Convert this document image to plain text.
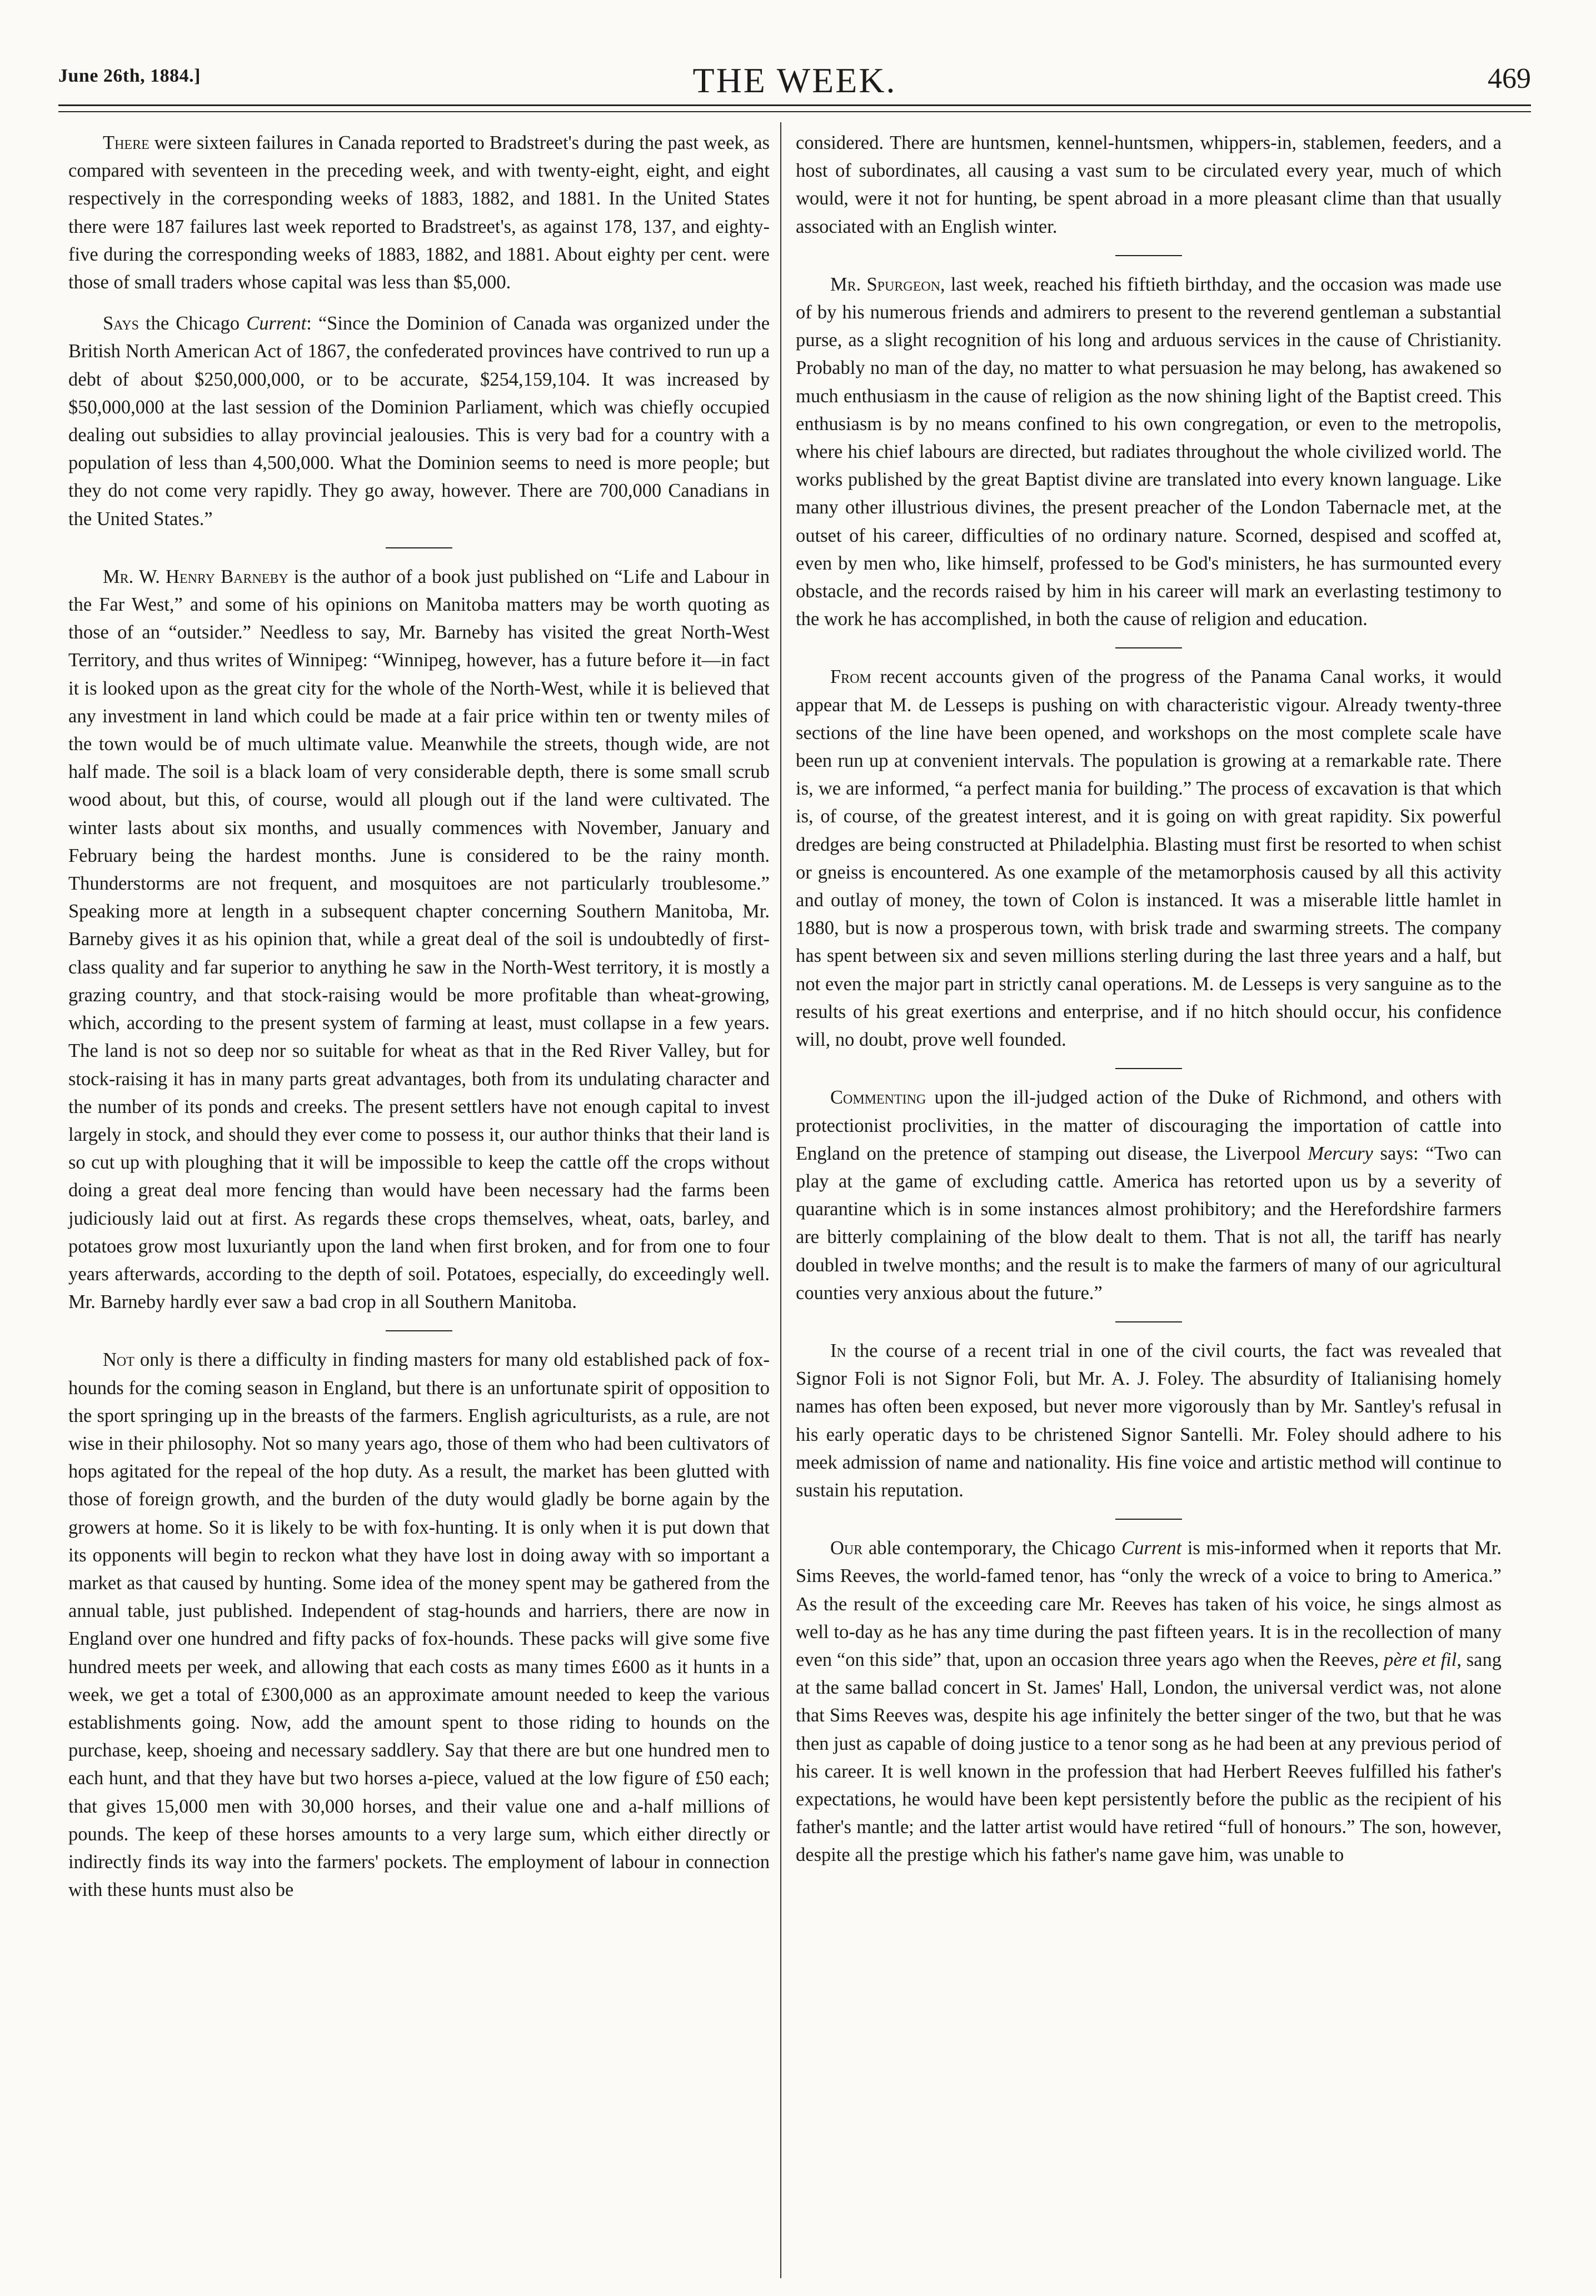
June 26th, 1884.]	THE WEEK.	469

There were sixteen failures in Canada reported to Bradstreet's during the past week, as compared with seventeen in the preceding week, and with twenty-eight, eight, and eight respectively in the corresponding weeks of 1883, 1882, and 1881. In the United States there were 187 failures last week reported to Bradstreet's, as against 178, 137, and eighty-five during the corresponding weeks of 1883, 1882, and 1881. About eighty per cent. were those of small traders whose capital was less than $5,000.

Says the Chicago Current: “Since the Dominion of Canada was organized under the British North American Act of 1867, the confederated provinces have contrived to run up a debt of about $250,000,000, or to be accurate, $254,159,104. It was increased by $50,000,000 at the last session of the Dominion Parliament, which was chiefly occupied dealing out subsidies to allay provincial jealousies. This is very bad for a country with a population of less than 4,500,000. What the Dominion seems to need is more people; but they do not come very rapidly. They go away, however. There are 700,000 Canadians in the United States.”

Mr. W. Henry Barneby is the author of a book just published on “Life and Labour in the Far West,” and some of his opinions on Manitoba matters may be worth quoting as those of an “outsider.” Needless to say, Mr. Barneby has visited the great North-West Territory, and thus writes of Winnipeg: “Winnipeg, however, has a future before it—in fact it is looked upon as the great city for the whole of the North-West, while it is believed that any investment in land which could be made at a fair price within ten or twenty miles of the town would be of much ultimate value. Meanwhile the streets, though wide, are not half made. The soil is a black loam of very considerable depth, there is some small scrub wood about, but this, of course, would all plough out if the land were cultivated. The winter lasts about six months, and usually commences with November, January and February being the hardest months. June is considered to be the rainy month. Thunderstorms are not frequent, and mosquitoes are not particularly troublesome.” Speaking more at length in a subsequent chapter concerning Southern Manitoba, Mr. Barneby gives it as his opinion that, while a great deal of the soil is undoubtedly of first-class quality and far superior to anything he saw in the North-West territory, it is mostly a grazing country, and that stock-raising would be more profitable than wheat-growing, which, according to the present system of farming at least, must collapse in a few years. The land is not so deep nor so suitable for wheat as that in the Red River Valley, but for stock-raising it has in many parts great advantages, both from its undulating character and the number of its ponds and creeks. The present settlers have not enough capital to invest largely in stock, and should they ever come to possess it, our author thinks that their land is so cut up with ploughing that it will be impossible to keep the cattle off the crops without doing a great deal more fencing than would have been necessary had the farms been judiciously laid out at first. As regards these crops themselves, wheat, oats, barley, and potatoes grow most luxuriantly upon the land when first broken, and for from one to four years afterwards, according to the depth of soil. Potatoes, especially, do exceedingly well. Mr. Barneby hardly ever saw a bad crop in all Southern Manitoba.

Not only is there a difficulty in finding masters for many old established pack of fox-hounds for the coming season in England, but there is an unfortunate spirit of opposition to the sport springing up in the breasts of the farmers. English agriculturists, as a rule, are not wise in their philosophy. Not so many years ago, those of them who had been cultivators of hops agitated for the repeal of the hop duty. As a result, the market has been glutted with those of foreign growth, and the burden of the duty would gladly be borne again by the growers at home. So it is likely to be with fox-hunting. It is only when it is put down that its opponents will begin to reckon what they have lost in doing away with so important a market as that caused by hunting. Some idea of the money spent may be gathered from the annual table, just published. Independent of stag-hounds and harriers, there are now in England over one hundred and fifty packs of fox-hounds. These packs will give some five hundred meets per week, and allowing that each costs as many times £600 as it hunts in a week, we get a total of £300,000 as an approximate amount needed to keep the various establishments going. Now, add the amount spent to those riding to hounds on the purchase, keep, shoeing and necessary saddlery. Say that there are but one hundred men to each hunt, and that they have but two horses a-piece, valued at the low figure of £50 each; that gives 15,000 men with 30,000 horses, and their value one and a-half millions of pounds. The keep of these horses amounts to a very large sum, which either directly or indirectly finds its way into the farmers' pockets. The employment of labour in connection with these hunts must also be

considered. There are huntsmen, kennel-huntsmen, whippers-in, stablemen, feeders, and a host of subordinates, all causing a vast sum to be circulated every year, much of which would, were it not for hunting, be spent abroad in a more pleasant clime than that usually associated with an English winter.

Mr. Spurgeon, last week, reached his fiftieth birthday, and the occasion was made use of by his numerous friends and admirers to present to the reverend gentleman a substantial purse, as a slight recognition of his long and arduous services in the cause of Christianity. Probably no man of the day, no matter to what persuasion he may belong, has awakened so much enthusiasm in the cause of religion as the now shining light of the Baptist creed. This enthusiasm is by no means confined to his own congregation, or even to the metropolis, where his chief labours are directed, but radiates throughout the whole civilized world. The works published by the great Baptist divine are translated into every known language. Like many other illustrious divines, the present preacher of the London Tabernacle met, at the outset of his career, difficulties of no ordinary nature. Scorned, despised and scoffed at, even by men who, like himself, professed to be God's ministers, he has surmounted every obstacle, and the records raised by him in his career will mark an everlasting testimony to the work he has accomplished, in both the cause of religion and education.

From recent accounts given of the progress of the Panama Canal works, it would appear that M. de Lesseps is pushing on with characteristic vigour. Already twenty-three sections of the line have been opened, and workshops on the most complete scale have been run up at convenient intervals. The population is growing at a remarkable rate. There is, we are informed, “a perfect mania for building.” The process of excavation is that which is, of course, of the greatest interest, and it is going on with great rapidity. Six powerful dredges are being constructed at Philadelphia. Blasting must first be resorted to when schist or gneiss is encountered. As one example of the metamorphosis caused by all this activity and outlay of money, the town of Colon is instanced. It was a miserable little hamlet in 1880, but is now a prosperous town, with brisk trade and swarming streets. The company has spent between six and seven millions sterling during the last three years and a half, but not even the major part in strictly canal operations. M. de Lesseps is very sanguine as to the results of his great exertions and enterprise, and if no hitch should occur, his confidence will, no doubt, prove well founded.

Commenting upon the ill-judged action of the Duke of Richmond, and others with protectionist proclivities, in the matter of discouraging the importation of cattle into England on the pretence of stamping out disease, the Liverpool Mercury says: “Two can play at the game of excluding cattle. America has retorted upon us by a severity of quarantine which is in some instances almost prohibitory; and the Herefordshire farmers are bitterly complaining of the blow dealt to them. That is not all, the tariff has nearly doubled in twelve months; and the result is to make the farmers of many of our agricultural counties very anxious about the future.”

In the course of a recent trial in one of the civil courts, the fact was revealed that Signor Foli is not Signor Foli, but Mr. A. J. Foley. The absurdity of Italianising homely names has often been exposed, but never more vigorously than by Mr. Santley's refusal in his early operatic days to be christened Signor Santelli. Mr. Foley should adhere to his meek admission of name and nationality. His fine voice and artistic method will continue to sustain his reputation.

Our able contemporary, the Chicago Current is mis-informed when it reports that Mr. Sims Reeves, the world-famed tenor, has “only the wreck of a voice to bring to America.” As the result of the exceeding care Mr. Reeves has taken of his voice, he sings almost as well to-day as he has any time during the past fifteen years. It is in the recollection of many even “on this side” that, upon an occasion three years ago when the Reeves, père et fil, sang at the same ballad concert in St. James' Hall, London, the universal verdict was, not alone that Sims Reeves was, despite his age infinitely the better singer of the two, but that he was then just as capable of doing justice to a tenor song as he had been at any previous period of his career. It is well known in the profession that had Herbert Reeves fulfilled his father's expectations, he would have been kept persistently before the public as the recipient of his father's mantle; and the latter artist would have retired “full of honours.” The son, however, despite all the prestige which his father's name gave him, was unable to
